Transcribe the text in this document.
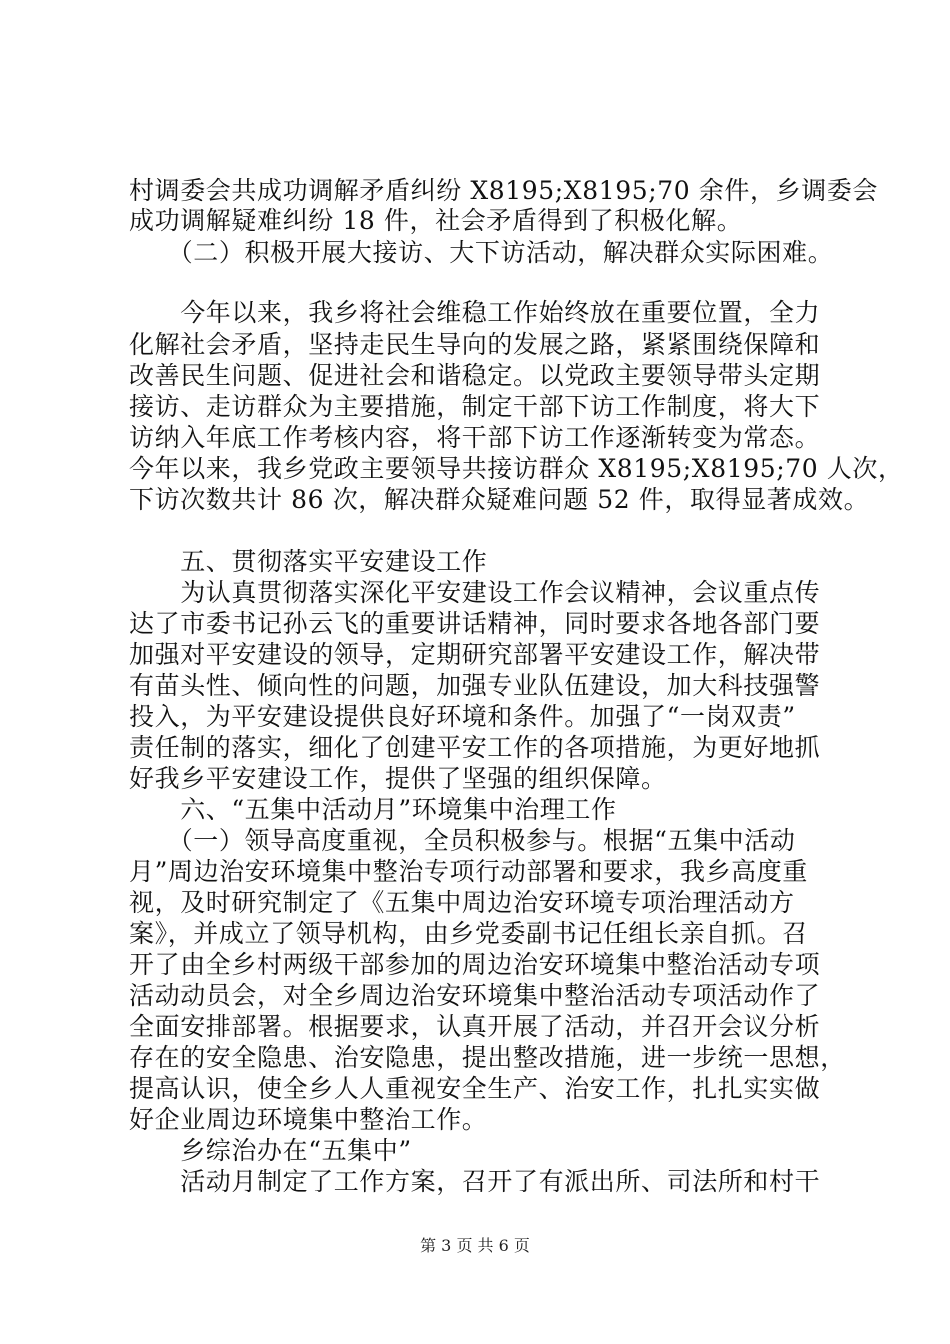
村调委会共成功调解矛盾纠纷 X8195;X8195;70 余件，乡调委会
成功调解疑难纠纷 18 件，社会矛盾得到了积极化解。
　　（二）积极开展大接访、大下访活动，解决群众实际困难。
　　今年以来，我乡将社会维稳工作始终放在重要位置，全力
化解社会矛盾，坚持走民生导向的发展之路，紧紧围绕保障和
改善民生问题、促进社会和谐稳定。以党政主要领导带头定期
接访、走访群众为主要措施，制定干部下访工作制度，将大下
访纳入年底工作考核内容，将干部下访工作逐渐转变为常态。
今年以来，我乡党政主要领导共接访群众 X8195;X8195;70 人次，
下访次数共计 86 次，解决群众疑难问题 52 件，取得显著成效。
　　五、贯彻落实平安建设工作
　　为认真贯彻落实深化平安建设工作会议精神，会议重点传
达了市委书记孙云飞的重要讲话精神，同时要求各地各部门要
加强对平安建设的领导，定期研究部署平安建设工作，解决带
有苗头性、倾向性的问题，加强专业队伍建设，加大科技强警
投入，为平安建设提供良好环境和条件。加强了“一岗双责”
责任制的落实，细化了创建平安工作的各项措施，为更好地抓
好我乡平安建设工作，提供了坚强的组织保障。
　　六、“五集中活动月”环境集中治理工作
　　（一）领导高度重视，全员积极参与。根据“五集中活动
月”周边治安环境集中整治专项行动部署和要求，我乡高度重
视，及时研究制定了《五集中周边治安环境专项治理活动方
案》，并成立了领导机构，由乡党委副书记任组长亲自抓。召
开了由全乡村两级干部参加的周边治安环境集中整治活动专项
活动动员会，对全乡周边治安环境集中整治活动专项活动作了
全面安排部署。根据要求，认真开展了活动，并召开会议分析
存在的安全隐患、治安隐患，提出整改措施，进一步统一思想，
提高认识，使全乡人人重视安全生产、治安工作，扎扎实实做
好企业周边环境集中整治工作。
　　乡综治办在“五集中”
　　活动月制定了工作方案，召开了有派出所、司法所和村干
第 3 页 共 6 页
